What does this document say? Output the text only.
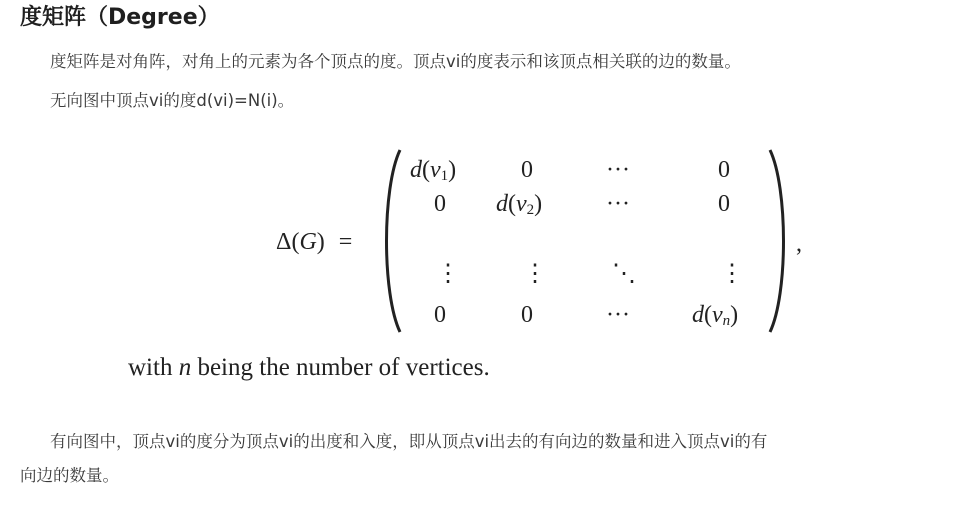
度矩阵（Degree）
度矩阵是对角阵，对角上的元素为各个顶点的度。顶点vi的度表示和该顶点相关联的边的数量。
无向图中顶点vi的度d(vi)=N(i)。
Δ(G) =
$d(v_1)$	0	···	0
0 $d(v_2)$	···	0
⋮	⋮	⋱	⋮
0	0	···	$d(v_n)$
,
with n being the number of vertices.
有向图中，顶点vi的度分为顶点vi的出度和入度，即从顶点vi出去的有向边的数量和进入顶点vi的有
向边的数量。
